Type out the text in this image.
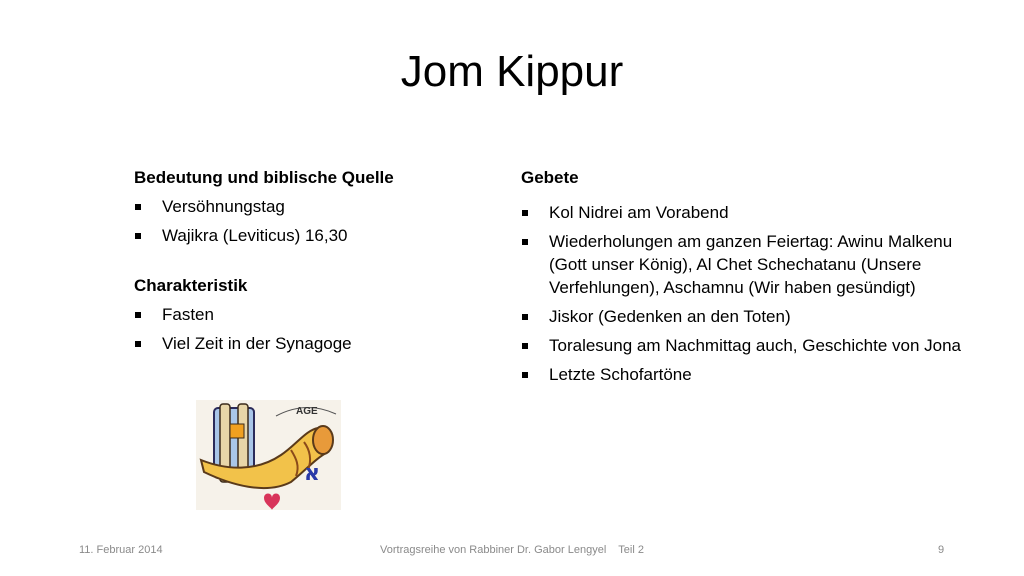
Jom Kippur

Bedeutung und biblische Quelle

Versöhnungstag
Wajikra (Leviticus) 16,30

Charakteristik

Fasten
Viel Zeit in der Synagoge

Gebete

Kol Nidrei am Vorabend
Wiederholungen am ganzen Feiertag: Awinu Malkenu (Gott unser König), Al Chet Schechatanu (Unsere Verfehlungen), Aschamnu (Wir haben gesündigt)
Jiskor (Gedenken an den Toten)
Toralesung am Nachmittag auch, Geschichte von Jona
Letzte Schofartöne
AGE
א
11. Februar 2014	Vortragsreihe von Rabbiner Dr. Gabor Lengyel    Teil 2	9
